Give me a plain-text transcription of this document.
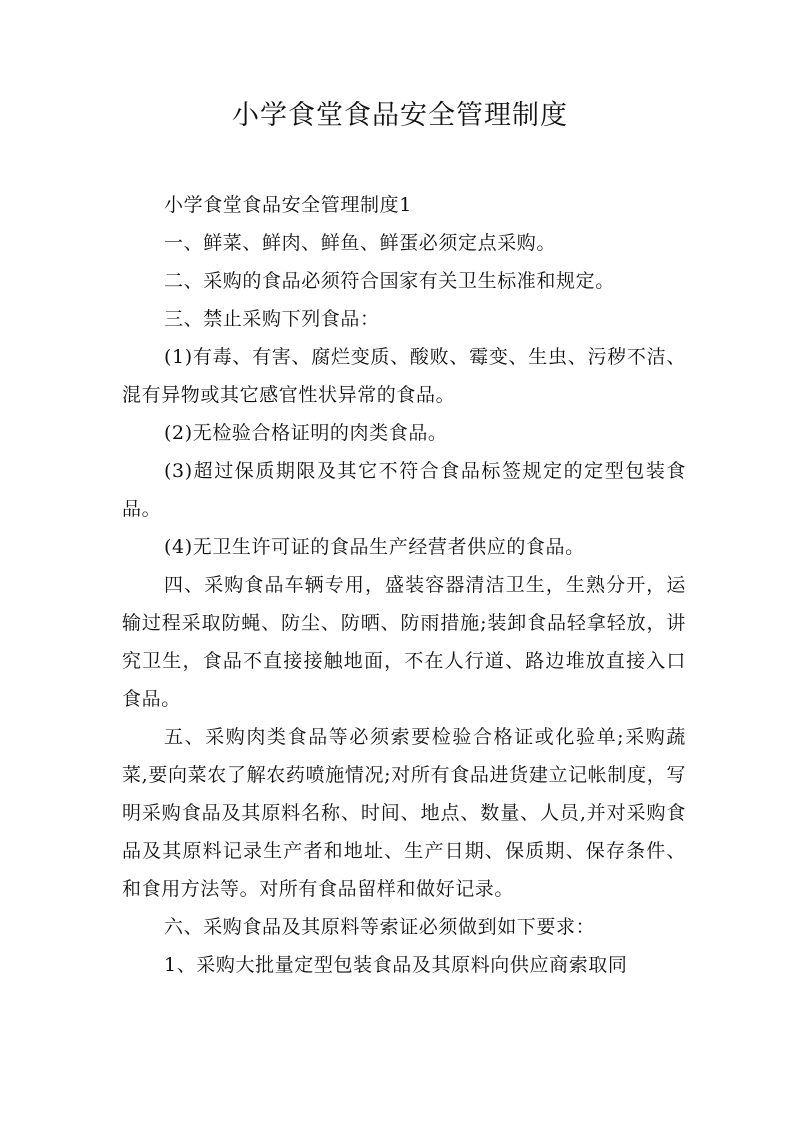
小学食堂食品安全管理制度

小学食堂食品安全管理制度1

一、鲜菜、鲜肉、鲜鱼、鲜蛋必须定点采购。

二、采购的食品必须符合国家有关卫生标准和规定。

三、禁止采购下列食品：

(1)有毒、有害、腐烂变质、酸败、霉变、生虫、污秽不洁、混有异物或其它感官性状异常的食品。

(2)无检验合格证明的肉类食品。

(3)超过保质期限及其它不符合食品标签规定的定型包装食品。

(4)无卫生许可证的食品生产经营者供应的食品。

四、采购食品车辆专用，盛装容器清洁卫生，生熟分开，运输过程采取防蝇、防尘、防晒、防雨措施;装卸食品轻拿轻放，讲究卫生，食品不直接接触地面，不在人行道、路边堆放直接入口食品。

五、采购肉类食品等必须索要检验合格证或化验单;采购蔬菜,要向菜农了解农药喷施情况;对所有食品进货建立记帐制度，写明采购食品及其原料名称、时间、地点、数量、人员,并对采购食品及其原料记录生产者和地址、生产日期、保质期、保存条件、和食用方法等。对所有食品留样和做好记录。

六、采购食品及其原料等索证必须做到如下要求：

1、采购大批量定型包装食品及其原料向供应商索取同
